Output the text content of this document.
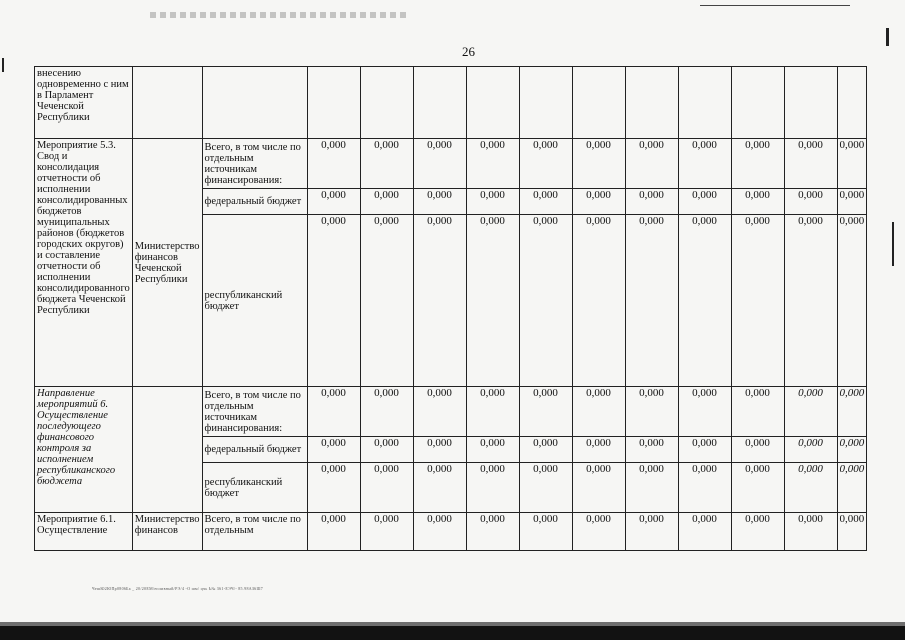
26
внесению одновременно с ним в Парламент Чеченской Республики													
Мероприятие 5.3. Свод и консолидация отчетности об исполнении консолидированных бюджетов муниципальных районов (бюджетов городских округов) и составление отчетности об исполнении консолидированного бюджета Чеченской Республики	Министерство финансов Чеченской Республики	Всего, в том числе по отдельным источникам финансирования:	0,000	0,000	0,000	0,000	0,000	0,000	0,000	0,000	0,000	0,000	0,000
		федеральный бюджет	0,000	0,000	0,000	0,000	0,000	0,000	0,000	0,000	0,000	0,000	0,000
		республиканский бюджет	0,000	0,000	0,000	0,000	0,000	0,000	0,000	0,000	0,000	0,000	0,000
Направление мероприятий 6. Осуществление последующего финансового контроля за исполнением республиканского бюджета		Всего, в том числе по отдельным источникам финансирования:	0,000	0,000	0,000	0,000	0,000	0,000	0,000	0,000	0,000	0,000	0,000
		федеральный бюджет	0,000	0,000	0,000	0,000	0,000	0,000	0,000	0,000	0,000	0,000	0,000
		республиканский бюджет	0,000	0,000	0,000	0,000	0,000	0,000	0,000	0,000	0,000	0,000	0,000
Мероприятие 6.1. Осуществление	Министерство финансов	Всего, в том числе по отдельным	0,000	0,000	0,000	0,000	0,000	0,000	0,000	0,000	0,000	0,000	0,000
ЧешЮ2ЮПр0806Ба _ 20/20ЕМ/епливный/РЭ/4 -О шм/ цчь Ь№ 361-ЕЭЧ/- 85.98АЗ6Ш7
